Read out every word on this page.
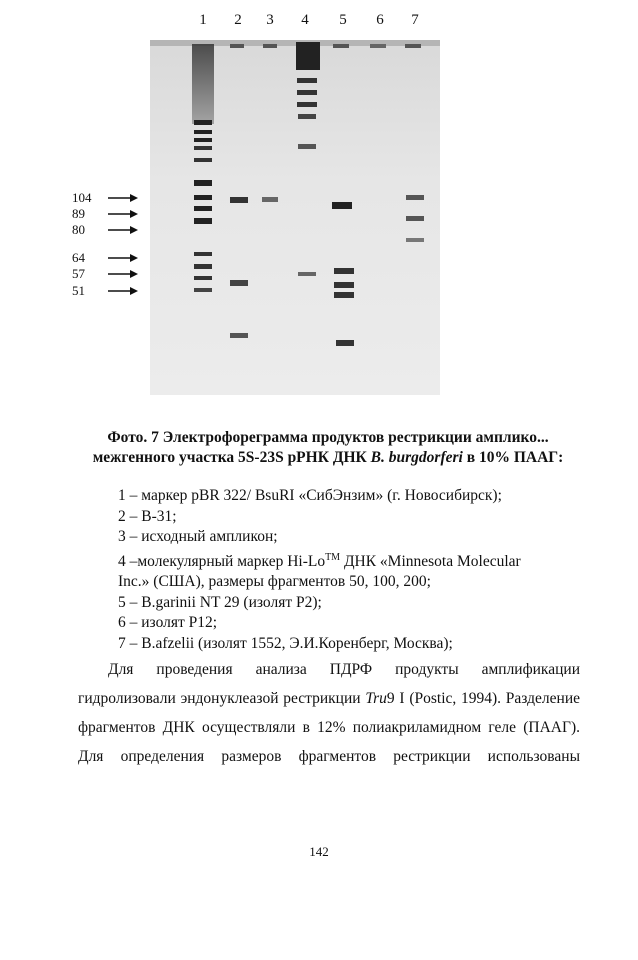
1	2	3	4	5	6	7
104
89
80
64
57
51
Фото. 7 Электрофореграмма продуктов рестрикции амплико...
межгенного участка 5S-23S рРНК ДНК B. burgdorferi в 10% ПААГ:
1 – маркер pBR 322/ BsuRI «СибЭнзим» (г. Новосибирск);
2 – B-31;
3 – исходный ампликон;
4 –молекулярный маркер Hi-Lo™ ДНК «Minnesota Molecular
Inc.» (США), размеры фрагментов 50, 100, 200;
5 – B.garinii NT 29 (изолят P2);
6 – изолят P12;
7 – B.afzelii (изолят 1552, Э.И.Коренберг, Москва);

Для проведения анализа ПДРФ продукты амплификации

гидролизовали эндонуклеазой рестрикции Tru9 I (Postic, 1994). Разделение

фрагментов ДНК осуществляли в 12% полиакриламидном геле (ПААГ).

Для определения размеров фрагментов рестрикции использованы

142
